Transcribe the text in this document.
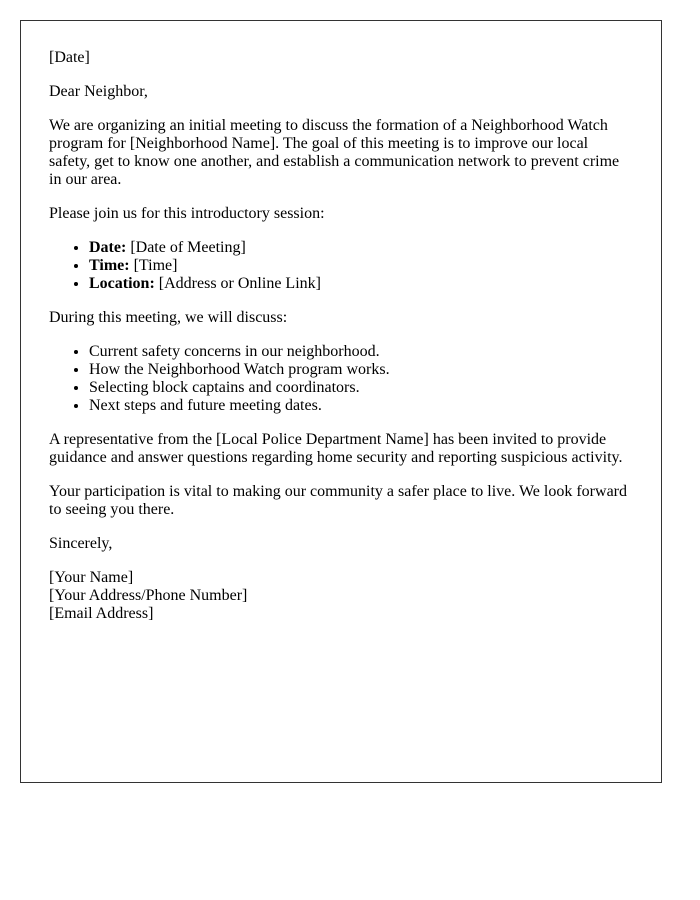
[Date]

Dear Neighbor,

We are organizing an initial meeting to discuss the formation of a Neighborhood Watch program for [Neighborhood Name]. The goal of this meeting is to improve our local safety, get to know one another, and establish a communication network to prevent crime in our area.

Please join us for this introductory session:

• Date: [Date of Meeting]
• Time: [Time]
• Location: [Address or Online Link]

During this meeting, we will discuss:

• Current safety concerns in our neighborhood.
• How the Neighborhood Watch program works.
• Selecting block captains and coordinators.
• Next steps and future meeting dates.

A representative from the [Local Police Department Name] has been invited to provide guidance and answer questions regarding home security and reporting suspicious activity.

Your participation is vital to making our community a safer place to live. We look forward to seeing you there.

Sincerely,

[Your Name]
[Your Address/Phone Number]
[Email Address]
